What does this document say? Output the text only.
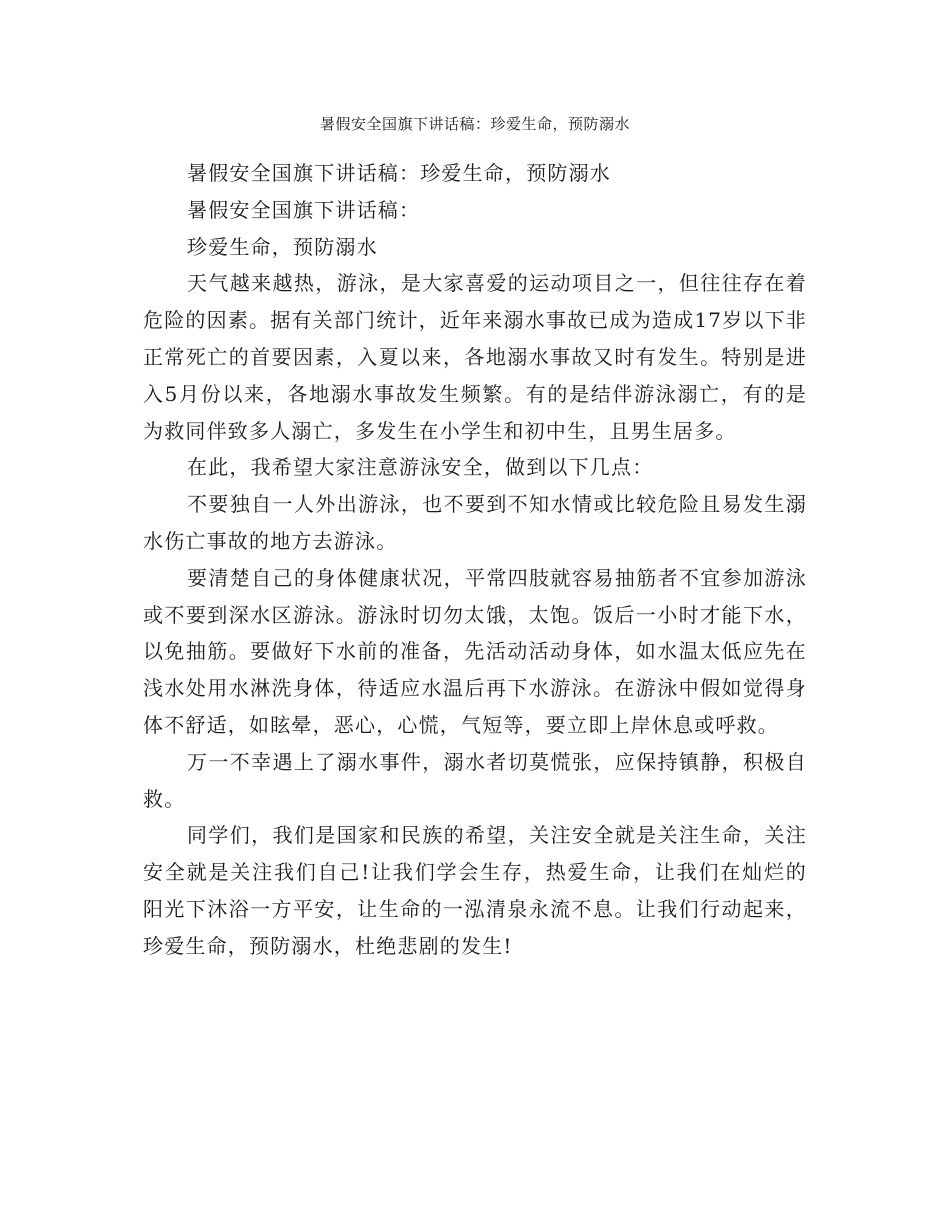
暑假安全国旗下讲话稿：珍爱生命，预防溺水

暑假安全国旗下讲话稿：珍爱生命，预防溺水

暑假安全国旗下讲话稿：

珍爱生命，预防溺水

天气越来越热，游泳，是大家喜爱的运动项目之一，但往往存在着危险的因素。据有关部门统计，近年来溺水事故已成为造成17岁以下非正常死亡的首要因素，入夏以来，各地溺水事故又时有发生。特别是进入5月份以来，各地溺水事故发生频繁。有的是结伴游泳溺亡，有的是为救同伴致多人溺亡，多发生在小学生和初中生，且男生居多。

在此，我希望大家注意游泳安全，做到以下几点：

不要独自一人外出游泳，也不要到不知水情或比较危险且易发生溺水伤亡事故的地方去游泳。

要清楚自己的身体健康状况，平常四肢就容易抽筋者不宜参加游泳或不要到深水区游泳。游泳时切勿太饿，太饱。饭后一小时才能下水，以免抽筋。要做好下水前的准备，先活动活动身体，如水温太低应先在浅水处用水淋洗身体，待适应水温后再下水游泳。在游泳中假如觉得身体不舒适，如眩晕，恶心，心慌，气短等，要立即上岸休息或呼救。

万一不幸遇上了溺水事件，溺水者切莫慌张，应保持镇静，积极自救。

同学们，我们是国家和民族的希望，关注安全就是关注生命，关注安全就是关注我们自己!让我们学会生存，热爱生命，让我们在灿烂的阳光下沐浴一方平安，让生命的一泓清泉永流不息。让我们行动起来，珍爱生命，预防溺水，杜绝悲剧的发生!
